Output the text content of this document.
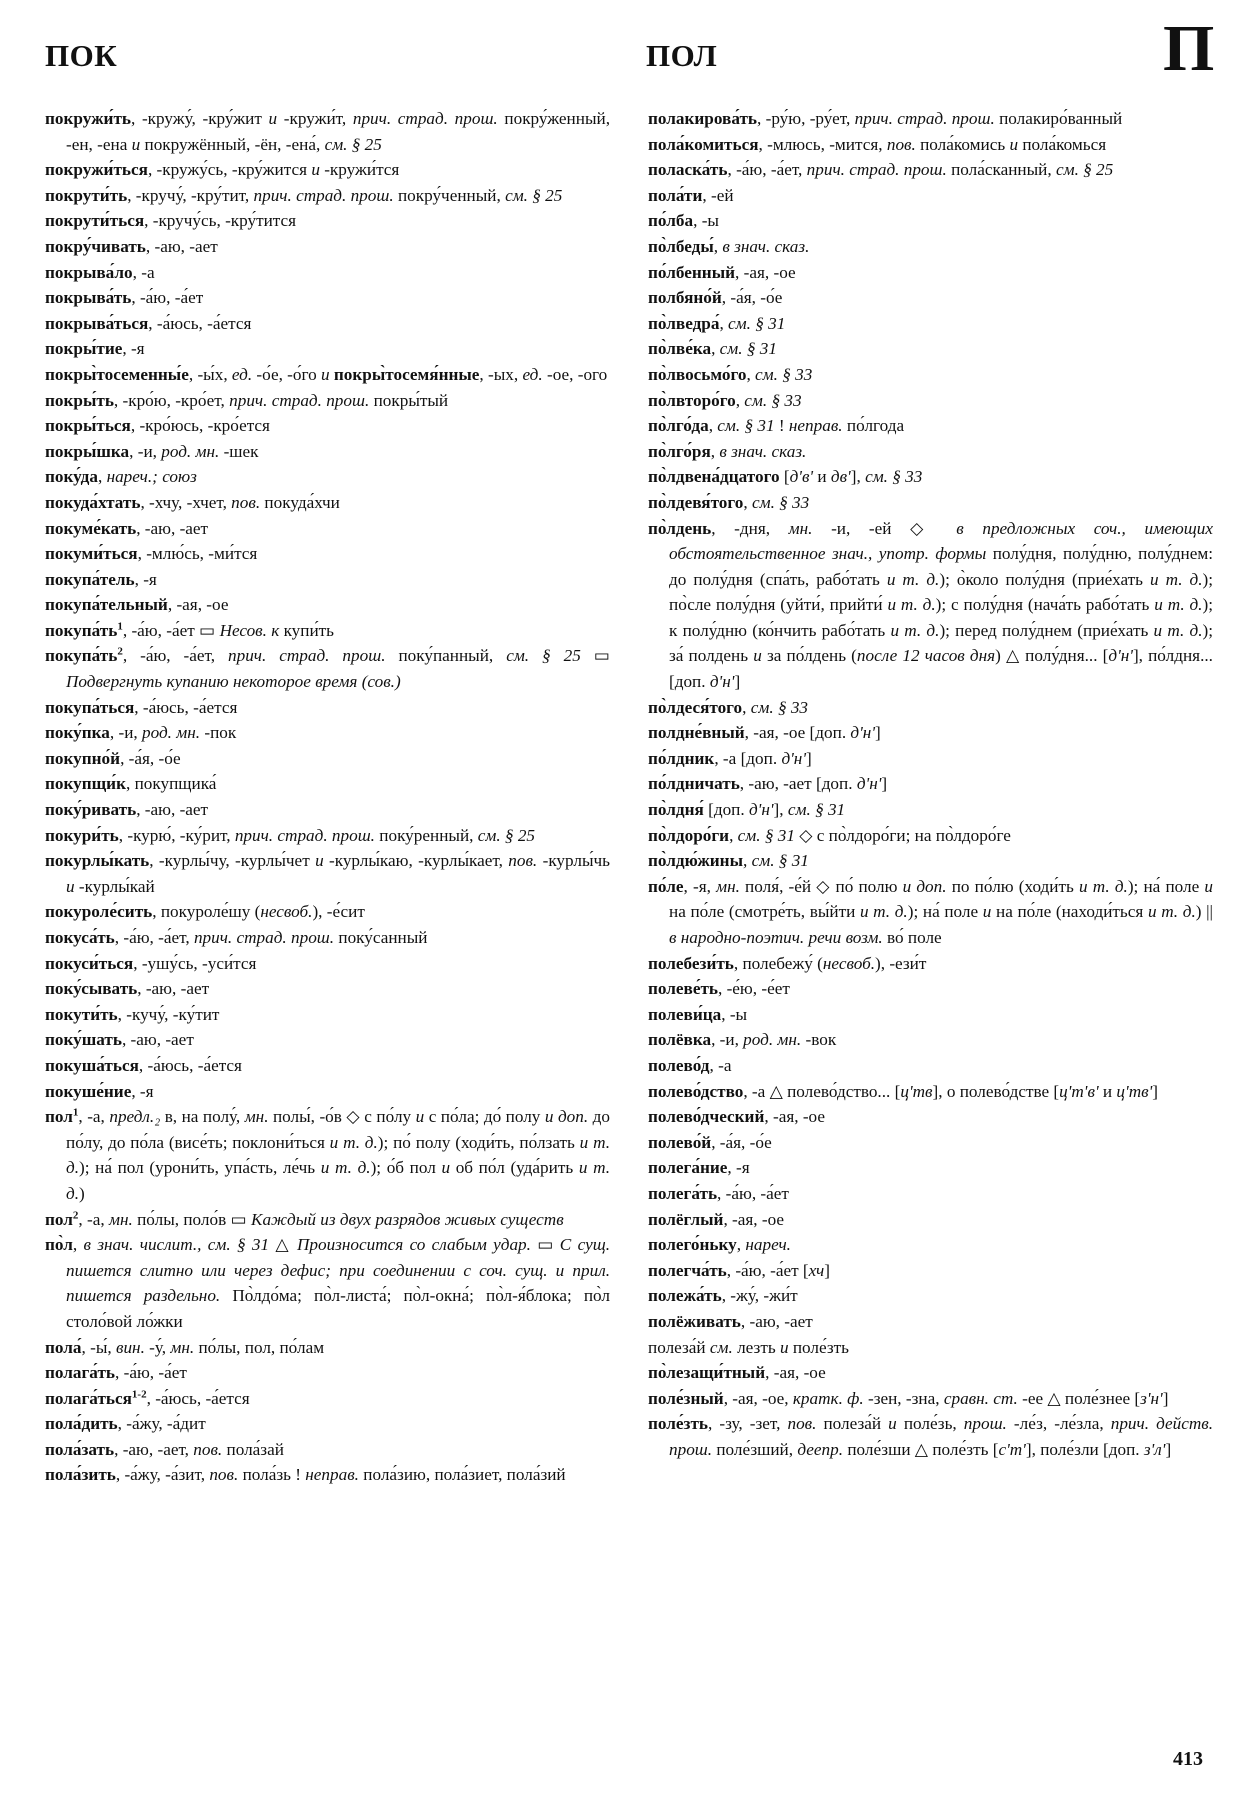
ПОК	ПОЛ	П

покружи́ть, -кружу́, -кру́жит и -кружи́т, прич. страд. прош. покру́женный, -ен, -ена и покружённый, -ён, -ена́, см. § 25

покружи́ться, -кружу́сь, -кру́жится и -кружи́тся

покрути́ть, -кручу́, -кру́тит, прич. страд. прош. покру́ченный, см. § 25

покрути́ться, -кручу́сь, -кру́тится

покру́чивать, -аю, -ает

покрыва́ло, -а

покрыва́ть, -а́ю, -а́ет

покрыва́ться, -а́юсь, -а́ется

покры́тие, -я

покры̀тосеменны́е, -ы́х, ед. -о́е, -о́го и покры̀тосемя́нные, -ых, ед. -ое, -ого

покры́ть, -кро́ю, -кро́ет, прич. страд. прош. покры́тый

покры́ться, -кро́юсь, -кро́ется

покры́шка, -и, род. мн. -шек

поку́да, нареч.; союз

покуда́хтать, -хчу, -хчет, пов. покуда́хчи

покуме́кать, -аю, -ает

покуми́ться, -млю́сь, -ми́тся

покупа́тель, -я

покупа́тельный, -ая, -ое

$покупа́ть^1$, -а́ю, -а́ет ▭ Несов. к купи́ть

$покупа́ть^2$, -а́ю, -а́ет, прич. страд. прош. поку́панный, см. § 25 ▭ Подвергнуть купанию некоторое время (сов.)

покупа́ться, -а́юсь, -а́ется

поку́пка, -и, род. мн. -пок

покупно́й, -а́я, -о́е

покупщи́к, покупщика́

поку́ривать, -аю, -ает

покури́ть, -курю́, -ку́рит, прич. страд. прош. поку́ренный, см. § 25

покурлы́кать, -курлы́чу, -курлы́чет и -курлы́каю, -курлы́кает, пов. -курлы́чь и -курлы́кай

покуроле́сить, покуроле́шу (несвоб.), -е́сит

покуса́ть, -а́ю, -а́ет, прич. страд. прош. поку́санный

покуси́ться, -ушу́сь, -уси́тся

поку́сывать, -аю, -ает

покути́ть, -кучу́, -ку́тит

поку́шать, -аю, -ает

покуша́ться, -а́юсь, -а́ется

покуше́ние, -я

пол$^1$, -а, предл.₂ в, на полу́, мн. полы́, -о́в ◇ с по́лу и с по́ла; до́ полу и доп. до по́лу, до по́ла (висе́ть; поклони́ться и т. д.); по́ полу (ходи́ть, по́лзать и т. д.); на́ пол (урони́ть, упа́сть, ле́чь и т. д.); о́б пол и об по́л (уда́рить и т. д.)

пол$^2$, -а, мн. по́лы, поло́в ▭ Каждый из двух разрядов живых существ

по̀л, в знач. числит., см. § 31 △ Произносится со слабым удар. ▭ С сущ. пишется слитно или через дефис; при соединении с соч. сущ. и прил. пишется раздельно. По̀лдо́ма; по̀л-листа́; по̀л-окна́; по̀л-я́блока; по̀л столо́вой ло́жки

пола́, -ы́, вин. -у́, мн. по́лы, пол, по́лам

полага́ть, -а́ю, -а́ет

полага́ться$^{1-2}$, -а́юсь, -а́ется

пола́дить, -а́жу, -а́дит

пола́зать, -аю, -ает, пов. пола́зай

пола́зить, -а́жу, -а́зит, пов. пола́зь ! неправ. пола́зию, пола́зиет, пола́зий

полакирова́ть, -ру́ю, -ру́ет, прич. страд. прош. полакиро́ванный

пола́комиться, -млюсь, -мится, пов. пола́комись и пола́комься

поласка́ть, -а́ю, -а́ет, прич. страд. прош. пола́сканный, см. § 25

пола́ти, -ей

по́лба, -ы

по̀лбеды́, в знач. сказ.

по́лбенный, -ая, -ое

полбяно́й, -а́я, -о́е

по̀лведра́, см. § 31

по̀лве́ка, см. § 31

по̀лвосьмо́го, см. § 33

по̀лвторо́го, см. § 33

по̀лго́да, см. § 31 ! неправ. по́лгода

по̀лго́ря, в знач. сказ.

по̀лдвена́дцатого [дʹвʹ и двʹ], см. § 33

по̀лдевя́того, см. § 33

по̀лдень, -дня, мн. -и, -ей ◇ в предложных соч., имеющих обстоятельственное знач., употр. формы полу́дня, полу́дню, полу́днем: до полу́дня (спа́ть, рабо́тать и т. д.); о̀коло полу́дня (прие́хать и т. д.); по̀сле полу́дня (уйти́, прийти́ и т. д.); с полу́дня (нача́ть рабо́тать и т. д.); к полу́дню (ко́нчить рабо́тать и т. д.); перед полу́днем (прие́хать и т. д.); за́ полдень и за по́лдень (после 12 часов дня) △ полу́дня... [дʹнʹ], по́лдня... [доп. дʹнʹ]

по̀лдеся́того, см. § 33

полдне́вный, -ая, -ое [доп. дʹнʹ]

по́лдник, -а [доп. дʹнʹ]

по́лдничать, -аю, -ает [доп. дʹнʹ]

по̀лдня́ [доп. дʹнʹ], см. § 31

по̀лдоро́ги, см. § 31 ◇ с по̀лдоро́ги; на по̀лдоро́ге

по̀лдю́жины, см. § 31

по́ле, -я, мн. поля́, -е́й ◇ по́ полю и доп. по по́лю (ходи́ть и т. д.); на́ поле и на по́ле (смотре́ть, вы́йти и т. д.); на́ поле и на по́ле (находи́ться и т. д.) || в народно-поэтич. речи возм. во́ поле

полебези́ть, полебежу́ (несвоб.), -ези́т

полеве́ть, -е́ю, -е́ет

полеви́ца, -ы

полёвка, -и, род. мн. -вок

полево́д, -а

полево́дство, -а △ полево́дство... [цʹтв], о полево́дстве [цʹтʹвʹ и цʹтвʹ]

полево́дческий, -ая, -ое

полево́й, -а́я, -о́е

полега́ние, -я

полега́ть, -а́ю, -а́ет

полёглый, -ая, -ое

полего́ньку, нареч.

полегча́ть, -а́ю, -а́ет [хч]

полежа́ть, -жу́, -жи́т

полёживать, -аю, -ает

полеза́й см. лезть и поле́зть

по̀лезащи́тный, -ая, -ое

поле́зный, -ая, -ое, кратк. ф. -зен, -зна, сравн. ст. -ее △ поле́знее [зʹнʹ]

поле́зть, -зу, -зет, пов. полеза́й и поле́зь, прош. -ле́з, -ле́зла, прич. действ. прош. поле́зший, деепр. поле́зши △ поле́зть [сʹтʹ], поле́зли [доп. зʹлʹ]

413
